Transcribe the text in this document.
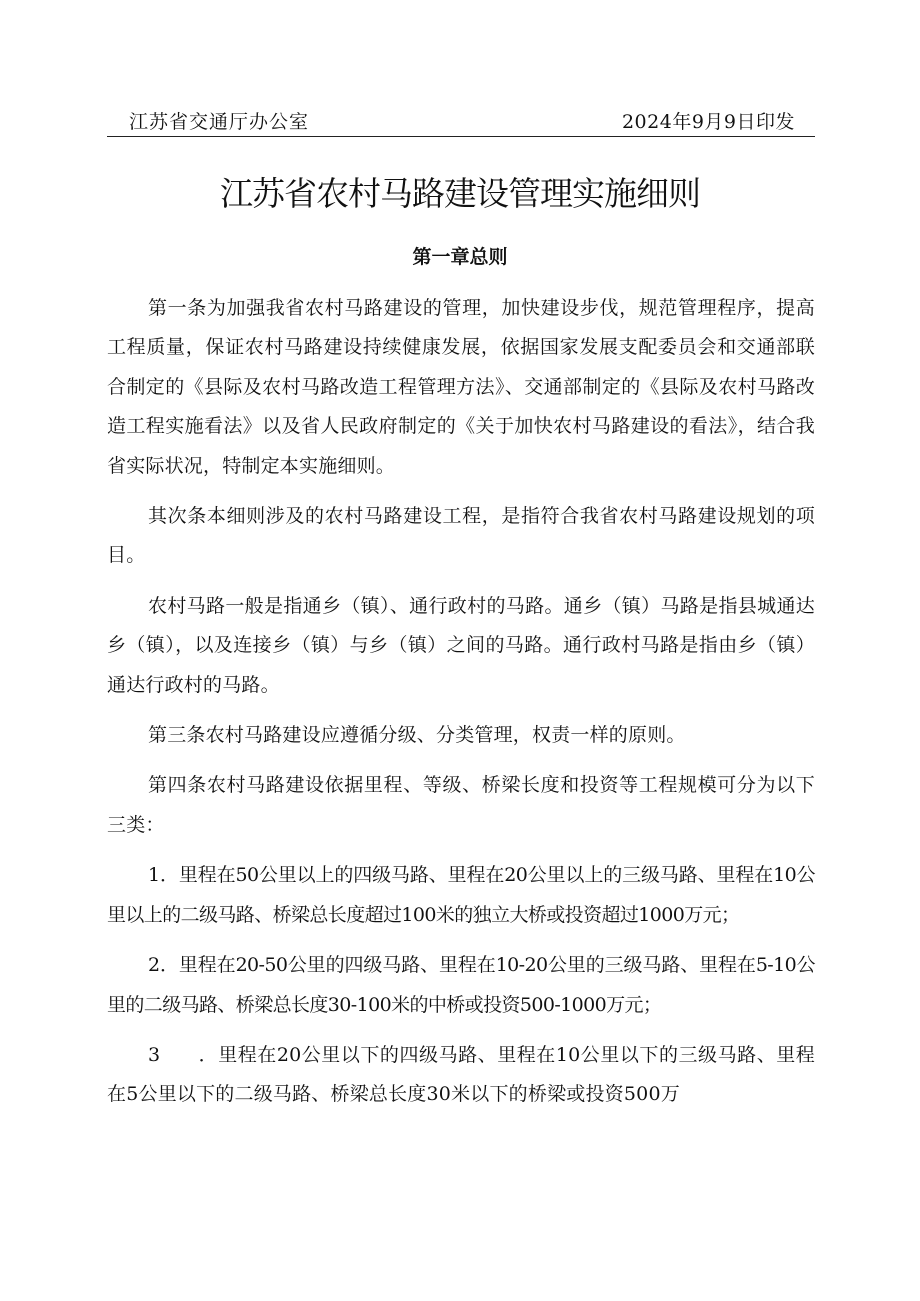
江苏省交通厅办公室	2024年9月9日印发
江苏省农村马路建设管理实施细则
第一章总则

第一条为加强我省农村马路建设的管理，加快建设步伐，规范管理程序，提高工程质量，保证农村马路建设持续健康发展，依据国家发展支配委员会和交通部联合制定的《县际及农村马路改造工程管理方法》、交通部制定的《县际及农村马路改造工程实施看法》以及省人民政府制定的《关于加快农村马路建设的看法》，结合我省实际状况，特制定本实施细则。

其次条本细则涉及的农村马路建设工程，是指符合我省农村马路建设规划的项目。

农村马路一般是指通乡（镇）、通行政村的马路。通乡（镇）马路是指县城通达乡（镇），以及连接乡（镇）与乡（镇）之间的马路。通行政村马路是指由乡（镇）通达行政村的马路。

第三条农村马路建设应遵循分级、分类管理，权责一样的原则。

第四条农村马路建设依据里程、等级、桥梁长度和投资等工程规模可分为以下三类：

1．里程在50公里以上的四级马路、里程在20公里以上的三级马路、里程在10公里以上的二级马路、桥梁总长度超过100米的独立大桥或投资超过1000万元；

2．里程在20-50公里的四级马路、里程在10-20公里的三级马路、里程在5-10公里的二级马路、桥梁总长度30-100米的中桥或投资500-1000万元；

3 ．里程在20公里以下的四级马路、里程在10公里以下的三级马路、里程在5公里以下的二级马路、桥梁总长度30米以下的桥梁或投资500万
